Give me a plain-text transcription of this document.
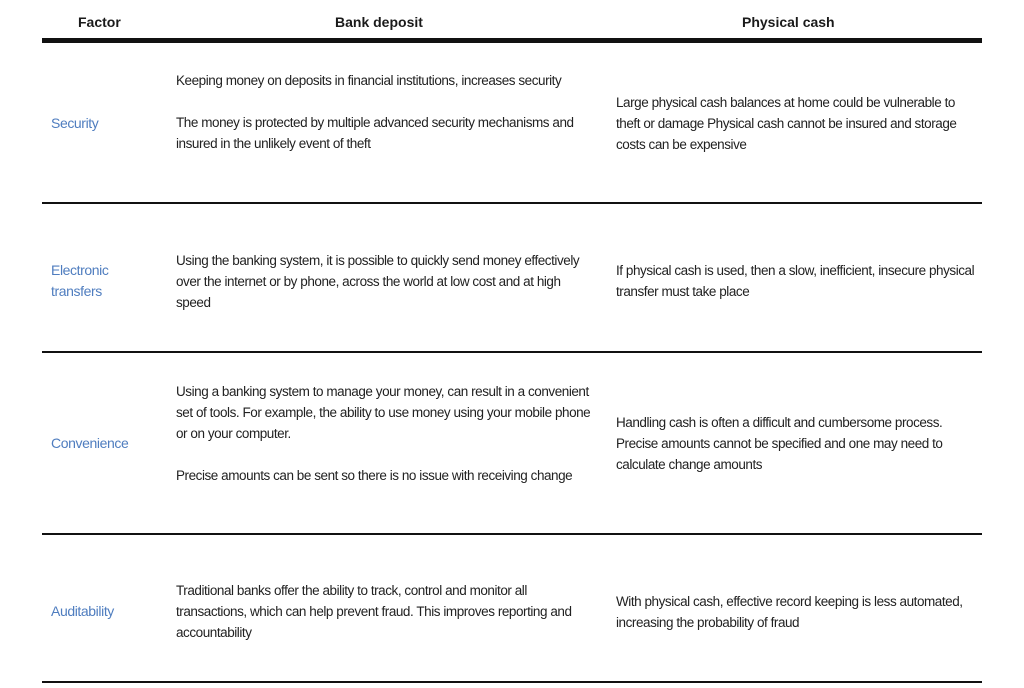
Factor	Bank deposit	Physical cash
Security
Keeping money on deposits in financial institutions, increases security
The money is protected by multiple advanced security mechanisms and insured in the unlikely event of theft
Large physical cash balances at home could be vulnerable to theft or damage Physical cash cannot be insured and storage costs can be expensive
Electronic transfers
Using the banking system, it is possible to quickly send money effectively over the internet or by phone, across the world at low cost and at high speed
If physical cash is used, then a slow, inefficient, insecure physical transfer must take place
Convenience
Using a banking system to manage your money, can result in a convenient set of tools. For example, the ability to use money using your mobile phone or on your computer.
Precise amounts can be sent so there is no issue with receiving change
Handling cash is often a difficult and cumbersome process. Precise amounts cannot be specified and one may need to calculate change amounts
Auditability
Traditional banks offer the ability to track, control and monitor all transactions, which can help prevent fraud. This improves reporting and accountability
With physical cash, effective record keeping is less automated, increasing the probability of fraud
